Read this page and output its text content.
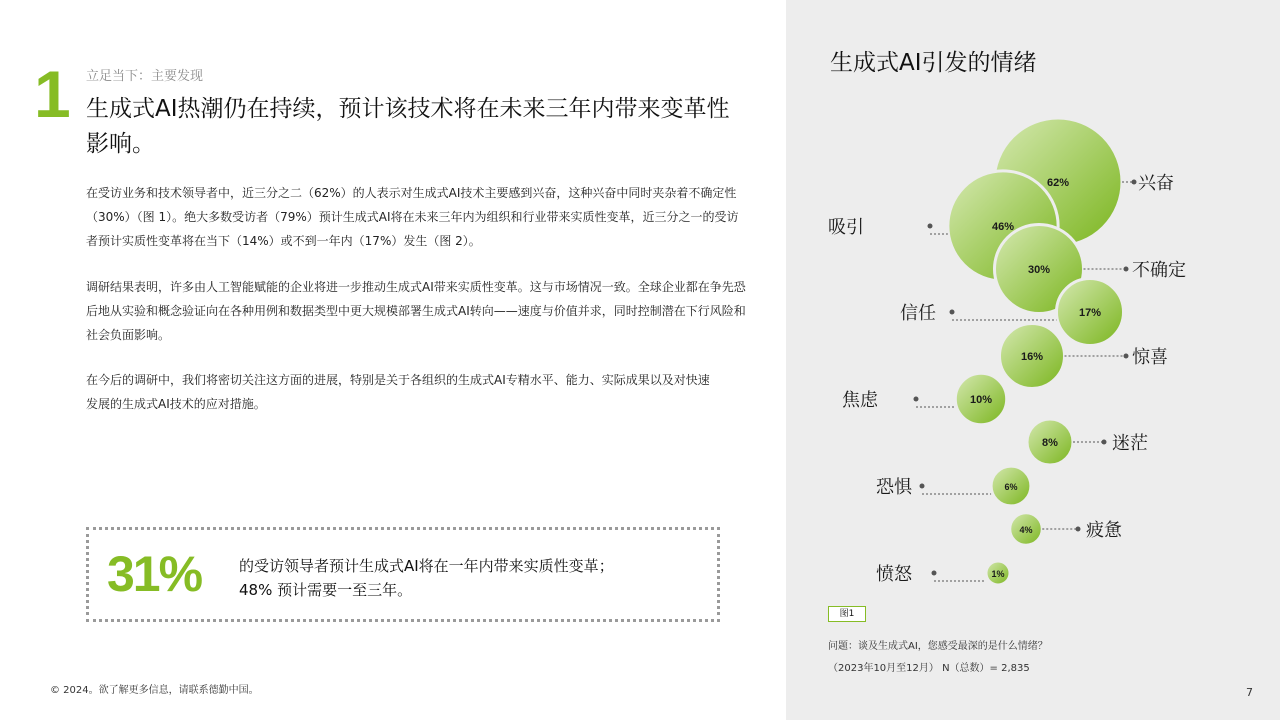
1 立足当下：主要发现
生成式AI热潮仍在持续，预计该技术将在未来三年内带来变革性影响。

在受访业务和技术领导者中，近三分之二（62%）的人表示对生成式AI技术主要感到兴奋，这种兴奋中同时夹杂着不确定性（30%）（图 1）。绝大多数受访者（79%）预计生成式AI将在未来三年内为组织和行业带来实质性变革，近三分之一的受访者预计实质性变革将在当下（14%）或不到一年内（17%）发生（图 2）。

调研结果表明，许多由人工智能赋能的企业将进一步推动生成式AI带来实质性变革。这与市场情况一致。全球企业都在争先恐后地从实验和概念验证向在各种用例和数据类型中更大规模部署生成式AI转向——速度与价值并求，同时控制潜在下行风险和社会负面影响。

在今后的调研中，我们将密切关注这方面的进展，特别是关于各组织的生成式AI专精水平、能力、实际成果以及对快速发展的生成式AI技术的应对措施。

31%	的受访领导者预计生成式AI将在一年内带来实质性变革；
48% 预计需要一至三年。
© 2024。欲了解更多信息，请联系德勤中国。
生成式AI引发的情绪
62%	兴奋
46%
吸引
30%	不确定
17%
信任
16%	惊喜
10%
焦虑
8%	迷茫
6%
恐惧
4%	疲惫
1%
愤怒
图1
问题：谈及生成式AI，您感受最深的是什么情绪？
（2023年10月至12月） N（总数）= 2,835
7
